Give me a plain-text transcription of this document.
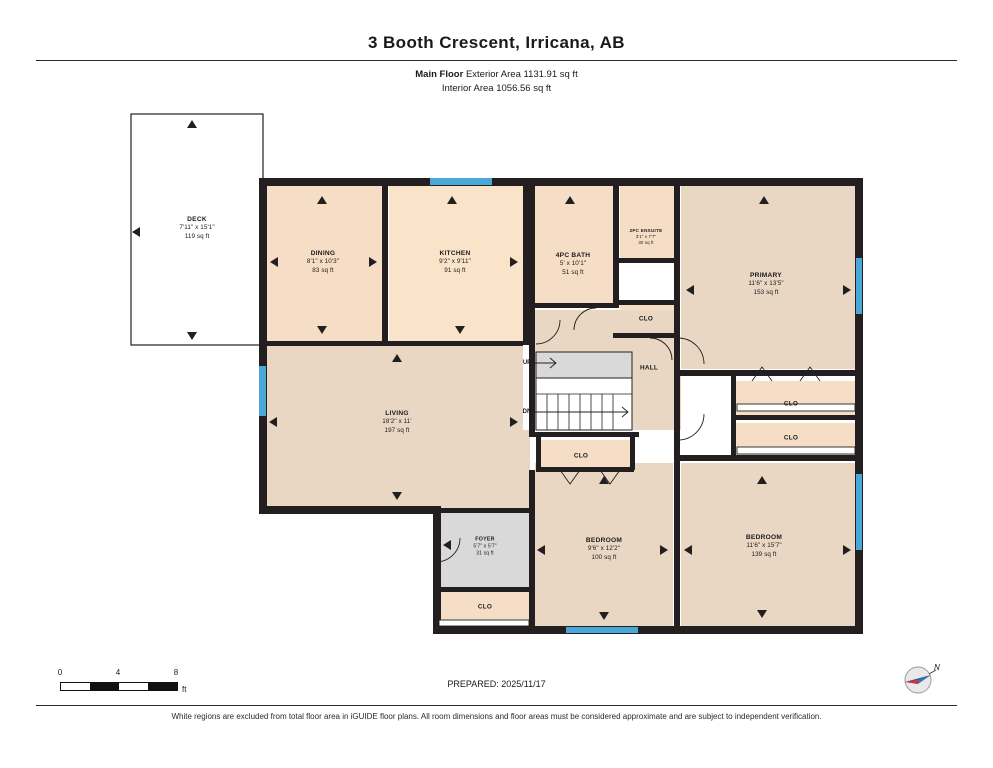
3 Booth Crescent, Irricana, AB
Main Floor Exterior Area 1131.91 sq ft
Interior Area 1056.56 sq ft
DECK
7'11" x 15'1"
119 sq ft
DINING
8'1" x 10'3"
83 sq ft
KITCHEN
9'2" x 9'11"
91 sq ft
4PC BATH
5' x 10'1"
51 sq ft
2PC ENSUITE
3'1" x 7'7"
30 sq ft
PRIMARY
11'6" x 13'5"
153 sq ft
LIVING
18'2" x 11'
197 sq ft
FOYER
5'7" x 5'7"
31 sq ft
BEDROOM
9'6" x 12'2"
100 sq ft
BEDROOM
11'6" x 15'7"
139 sq ft
HALL
CLO
CLO
CLO
CLO
CLO
UP
DN
0	4	8
ft
N
PREPARED: 2025/11/17
White regions are excluded from total floor area in iGUIDE floor plans. All room dimensions and floor areas must be considered approximate and are subject to independent verification.
